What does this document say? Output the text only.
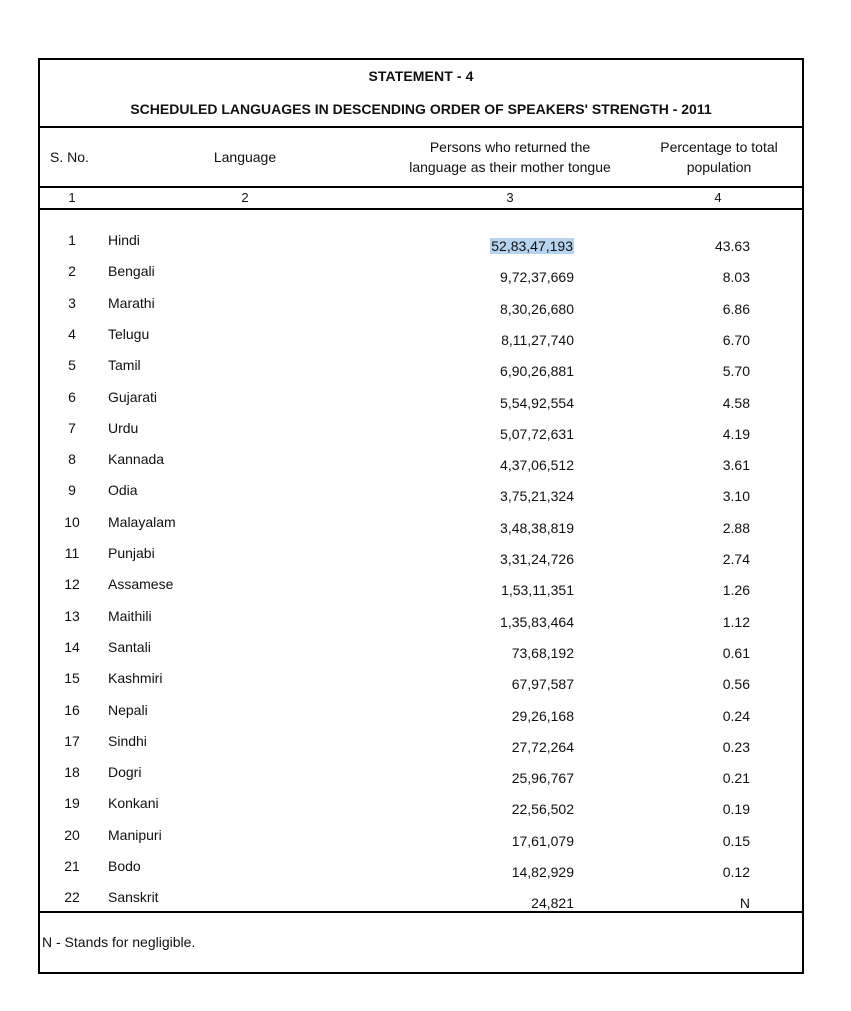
STATEMENT - 4
SCHEDULED LANGUAGES IN DESCENDING ORDER OF SPEAKERS' STRENGTH - 2011
S. No.	Language
Persons who returned the
language as their mother tongue
Percentage to total
population
1	2	3	4
1	Hindi	52,83,47,193	43.63
2	Bengali	9,72,37,669	8.03
3	Marathi	8,30,26,680	6.86
4	Telugu	8,11,27,740	6.70
5	Tamil	6,90,26,881	5.70
6	Gujarati	5,54,92,554	4.58
7	Urdu	5,07,72,631	4.19
8	Kannada	4,37,06,512	3.61
9	Odia	3,75,21,324	3.10
10	Malayalam	3,48,38,819	2.88
11	Punjabi	3,31,24,726	2.74
12	Assamese	1,53,11,351	1.26
13	Maithili	1,35,83,464	1.12
14	Santali	73,68,192	0.61
15	Kashmiri	67,97,587	0.56
16	Nepali	29,26,168	0.24
17	Sindhi	27,72,264	0.23
18	Dogri	25,96,767	0.21
19	Konkani	22,56,502	0.19
20	Manipuri	17,61,079	0.15
21	Bodo	14,82,929	0.12
22	Sanskrit	24,821	N
N - Stands for negligible.
